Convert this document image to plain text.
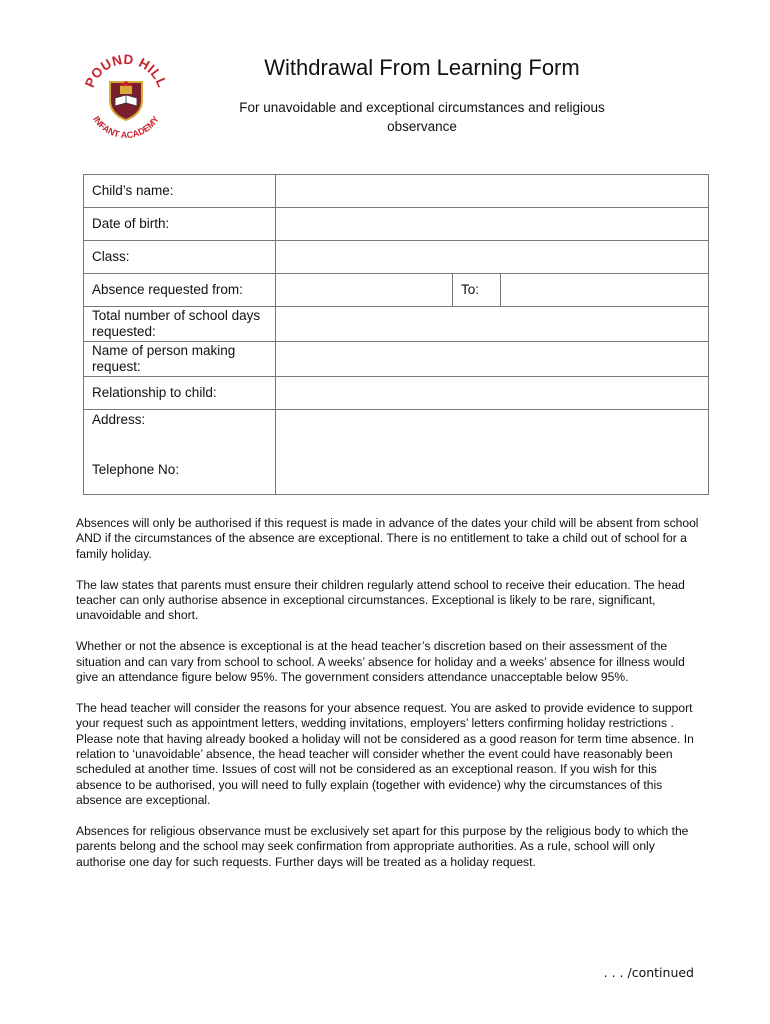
POUND HILL
INFANT ACADEMY
Withdrawal From Learning Form
For unavoidable and exceptional circumstances and religious observance
Child’s name:			
Date of birth:			
Class:			
Absence requested from:		To:	
Total number of school days requested:			
Name of person making request:			
Relationship to child:			

Address:
Telephone No:			

Absences will only be authorised if this request is made in advance of the dates your child will be absent from school AND if the circumstances of the absence are exceptional. There is no entitlement to take a child out of school for a family holiday.

The law states that parents must ensure their children regularly attend school to receive their education. The head teacher can only authorise absence in exceptional circumstances. Exceptional is likely to be rare, significant, unavoidable and short.

Whether or not the absence is exceptional is at the head teacher’s discretion based on their assessment of the situation and can vary from school to school. A weeks’ absence for holiday and a weeks’ absence for illness would give an attendance figure below 95%. The government considers attendance unacceptable below 95%.

The head teacher will consider the reasons for your absence request. You are asked to provide evidence to support your request such as appointment letters, wedding invitations, employers’ letters confirming holiday restrictions . Please note that having already booked a holiday will not be considered as a good reason for term time absence. In relation to ‘unavoidable’ absence, the head teacher will consider whether the event could have reasonably been scheduled at another time. Issues of cost will not be considered as an exceptional reason. If you wish for this absence to be authorised, you will need to fully explain (together with evidence) why the circumstances of this absence are exceptional.

Absences for religious observance must be exclusively set apart for this purpose by the religious body to which the parents belong and the school may seek confirmation from appropriate authorities. As a rule, school will only authorise one day for such requests. Further days will be treated as a holiday request.

. . . /continued
